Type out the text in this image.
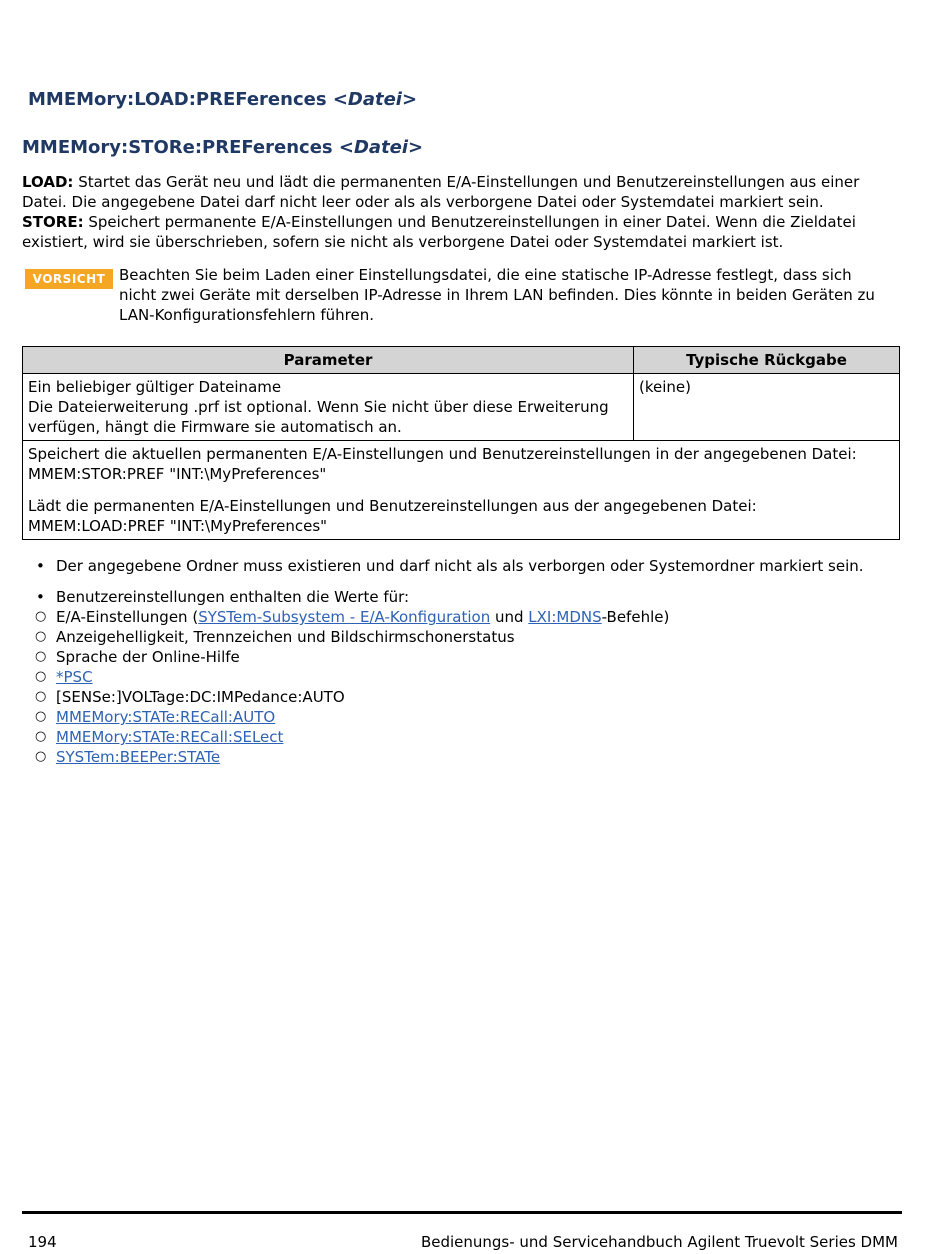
MMEMory:LOAD:PREFerences <Datei>
MMEMory:STORe:PREFerences <Datei>

LOAD: Startet das Gerät neu und lädt die permanenten E/A-Einstellungen und Benutzereinstellungen aus einer Datei. Die angegebene Datei darf nicht leer oder als als verborgene Datei oder Systemdatei markiert sein.

STORE: Speichert permanente E/A-Einstellungen und Benutzereinstellungen in einer Datei. Wenn die Zieldatei existiert, wird sie überschrieben, sofern sie nicht als verborgene Datei oder Systemdatei markiert ist.

VORSICHT Beachten Sie beim Laden einer Einstellungsdatei, die eine statische IP-Adresse festlegt, dass sich nicht zwei Geräte mit derselben IP-Adresse in Ihrem LAN befinden. Dies könnte in beiden Geräten zu LAN-Konfigurationsfehlern führen.
Parameter	Typische Rückgabe

Ein beliebiger gültiger Dateiname
Die Dateierweiterung .prf ist optional. Wenn Sie nicht über diese Erweiterung verfügen, hängt die Firmware sie automatisch an.	(keine)

Speichert die aktuellen permanenten E/A-Einstellungen und Benutzereinstellungen in der angegebenen Datei:
MMEM:STOR:PREF "INT:\MyPreferences"

Lädt die permanenten E/A-Einstellungen und Benutzereinstellungen aus der angegebenen Datei:
MMEM:LOAD:PREF "INT:\MyPreferences"	

• Der angegebene Ordner muss existieren und darf nicht als als verborgen oder Systemordner markiert sein.
• Benutzereinstellungen enthalten die Werte für:
○ E/A-Einstellungen (SYSTem-Subsystem - E/A-Konfiguration und LXI:MDNS-Befehle)
○ Anzeigehelligkeit, Trennzeichen und Bildschirmschonerstatus
○ Sprache der Online-Hilfe
○ *PSC
○ [SENSe:]VOLTage:DC:IMPedance:AUTO
○ MMEMory:STATe:RECall:AUTO
○ MMEMory:STATe:RECall:SELect
○ SYSTem:BEEPer:STATe
194	Bedienungs- und Servicehandbuch Agilent Truevolt Series DMM
